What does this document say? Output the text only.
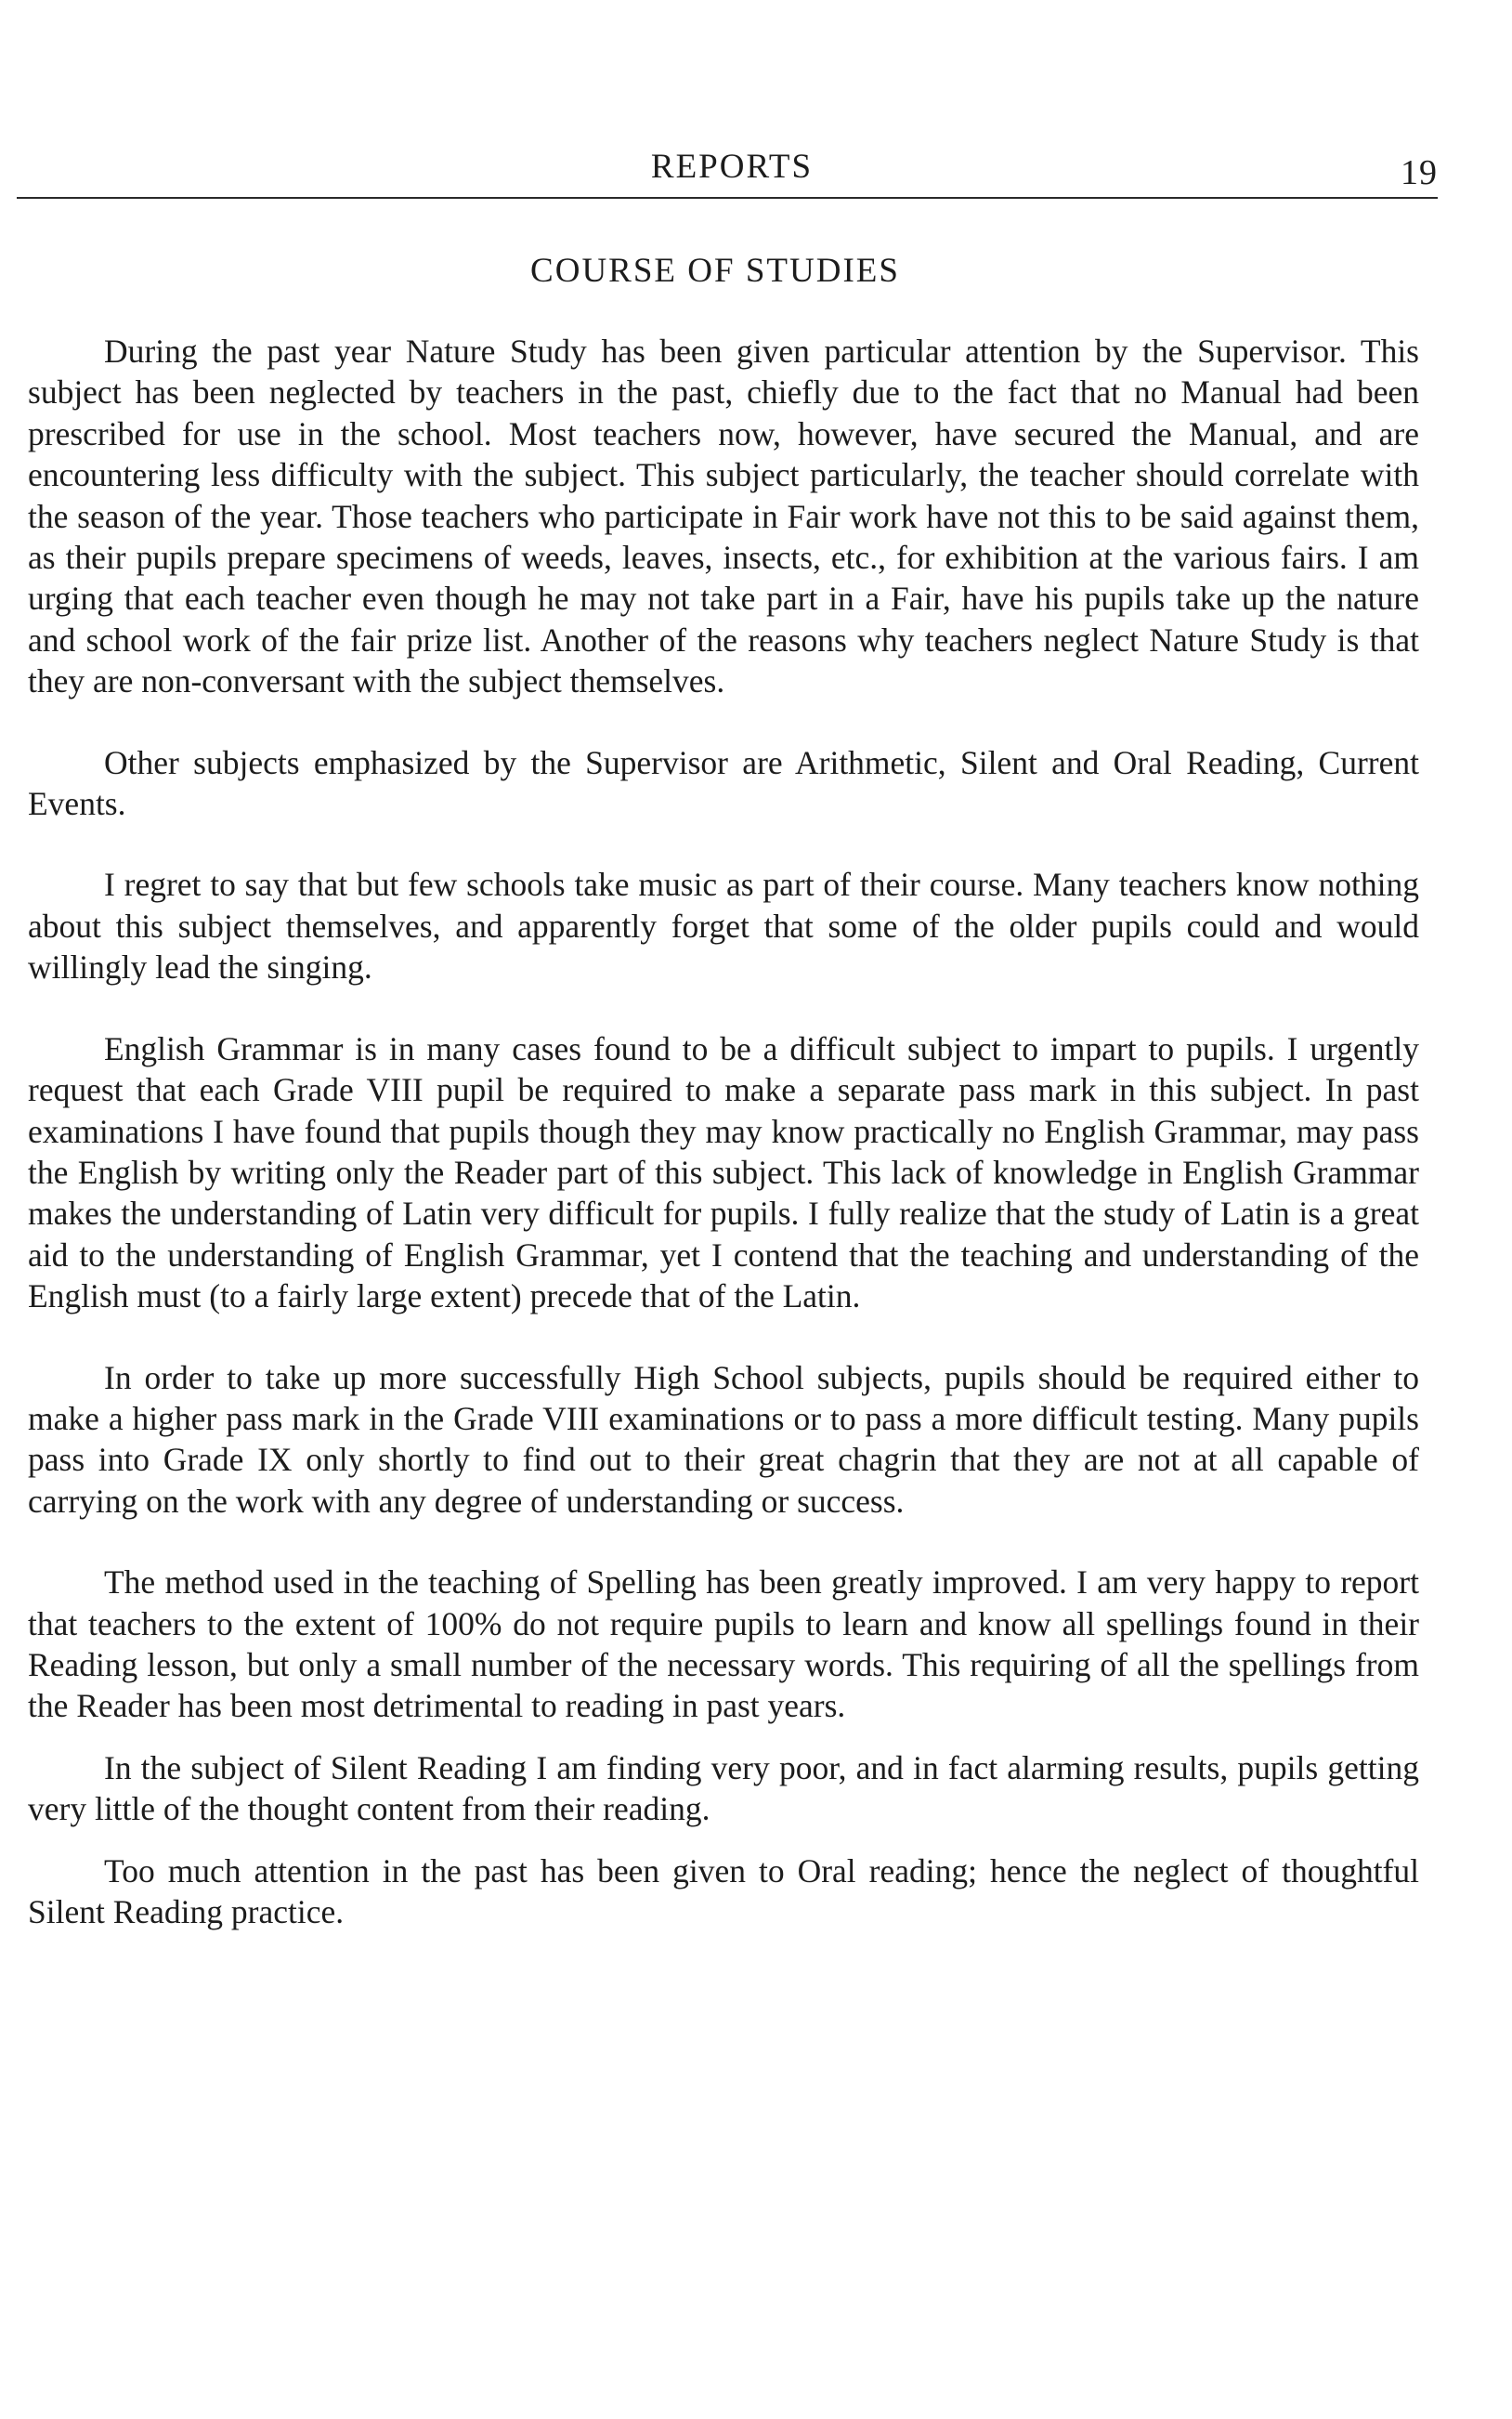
REPORTS	19
COURSE OF STUDIES

During the past year Nature Study has been given particular attention by the Supervisor. This subject has been neglected by teachers in the past, chiefly due to the fact that no Manual had been prescribed for use in the school. Most teachers now, however, have secured the Manual, and are encountering less difficulty with the subject. This subject particularly, the teacher should correlate with the season of the year. Those teachers who participate in Fair work have not this to be said against them, as their pupils prepare specimens of weeds, leaves, insects, etc., for exhibition at the various fairs. I am urging that each teacher even though he may not take part in a Fair, have his pupils take up the nature and school work of the fair prize list. Another of the reasons why teachers neglect Nature Study is that they are non-conversant with the subject themselves.

Other subjects emphasized by the Supervisor are Arithmetic, Silent and Oral Reading, Current Events.

I regret to say that but few schools take music as part of their course. Many teachers know nothing about this subject themselves, and apparently forget that some of the older pupils could and would willingly lead the singing.

English Grammar is in many cases found to be a difficult subject to impart to pupils. I urgently request that each Grade VIII pupil be required to make a separate pass mark in this subject. In past examinations I have found that pupils though they may know practically no English Grammar, may pass the English by writing only the Reader part of this subject. This lack of knowledge in English Grammar makes the understanding of Latin very difficult for pupils. I fully realize that the study of Latin is a great aid to the understanding of English Grammar, yet I contend that the teaching and understanding of the English must (to a fairly large extent) precede that of the Latin.

In order to take up more successfully High School subjects, pupils should be required either to make a higher pass mark in the Grade VIII examinations or to pass a more difficult testing. Many pupils pass into Grade IX only shortly to find out to their great chagrin that they are not at all capable of carrying on the work with any degree of understanding or success.

The method used in the teaching of Spelling has been greatly improved. I am very happy to report that teachers to the extent of 100% do not require pupils to learn and know all spellings found in their Reading lesson, but only a small number of the necessary words. This requiring of all the spellings from the Reader has been most detrimental to reading in past years.

In the subject of Silent Reading I am finding very poor, and in fact alarming results, pupils getting very little of the thought content from their reading.

Too much attention in the past has been given to Oral reading; hence the neglect of thoughtful Silent Reading practice.
